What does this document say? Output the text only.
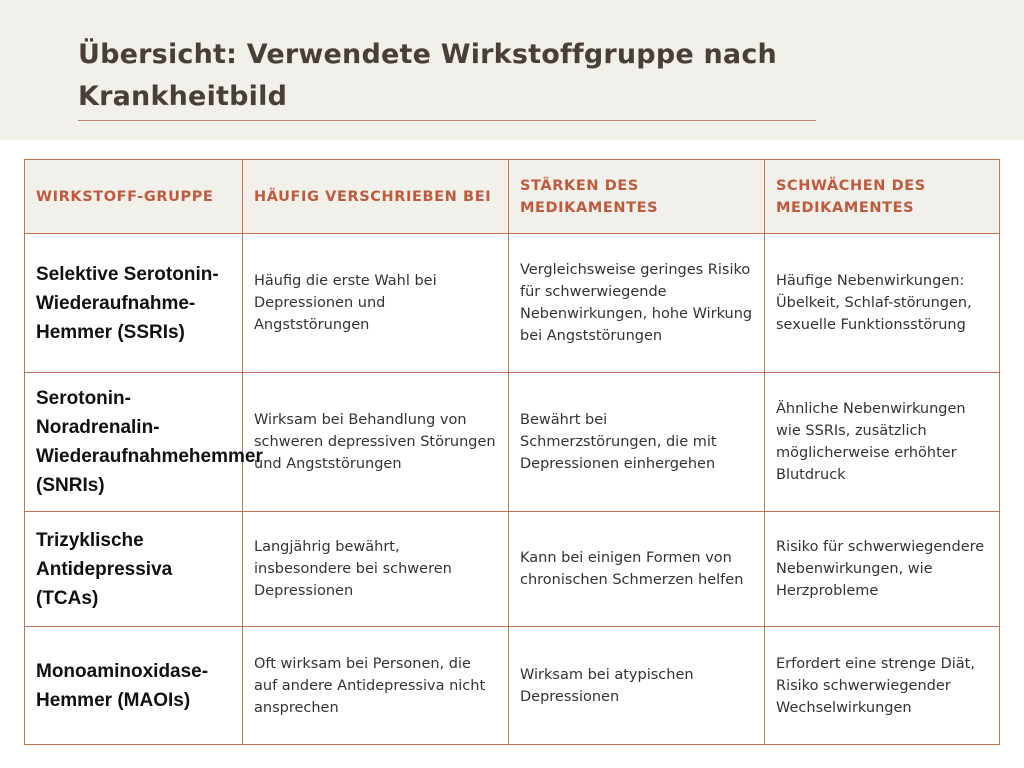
Übersicht: Verwendete Wirkstoffgruppe nach Krankheitbild
WIRKSTOFF-GRUPPE	HÄUFIG VERSCHRIEBEN BEI	STÄRKEN DES MEDIKAMENTES	SCHWÄCHEN DES MEDIKAMENTES
Selektive Serotonin-Wiederaufnahme-Hemmer (SSRIs)	Häufig die erste Wahl bei Depressionen und Angststörungen	Vergleichsweise geringes Risiko für schwerwiegende Nebenwirkungen, hohe Wirkung bei Angststörungen	Häufige Nebenwirkungen: Übelkeit, Schlaf-störungen, sexuelle Funktionsstörung
Serotonin-Noradrenalin-Wiederaufnahmehemmer (SNRIs)	Wirksam bei Behandlung von schweren depressiven Störungen und Angststörungen	Bewährt bei Schmerzstörungen, die mit Depressionen einhergehen	Ähnliche Nebenwirkungen wie SSRIs, zusätzlich möglicherweise erhöhter Blutdruck
Trizyklische Antidepressiva (TCAs)	Langjährig bewährt, insbesondere bei schweren Depressionen	Kann bei einigen Formen von chronischen Schmerzen helfen	Risiko für schwerwiegendere Nebenwirkungen, wie Herzprobleme
Monoaminoxidase-Hemmer (MAOIs)	Oft wirksam bei Personen, die auf andere Antidepressiva nicht ansprechen	Wirksam bei atypischen Depressionen	Erfordert eine strenge Diät, Risiko schwerwiegender Wechselwirkungen
